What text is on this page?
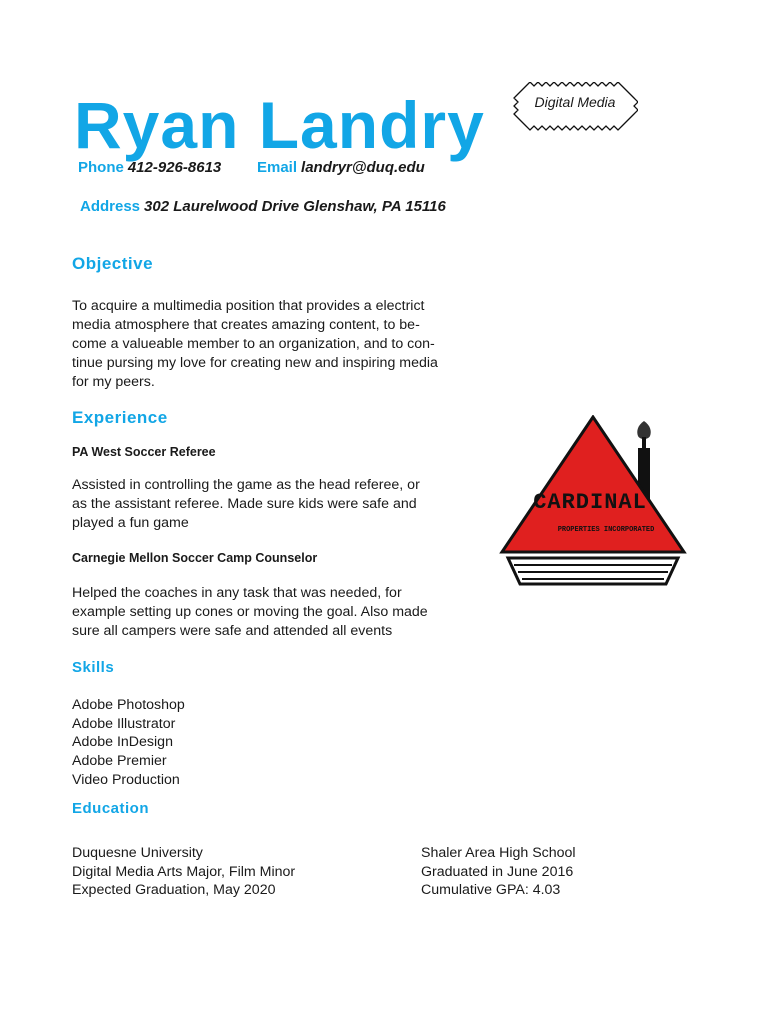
Ryan Landry
Phone 412-926-8613 Email landryr@duq.edu
Address 302 Laurelwood Drive Glenshaw, PA 15116
Digital Media
Objective
To acquire a multimedia position that provides a electrict
media atmosphere that creates amazing content, to be-
come a valueable member to an organization, and to con-
tinue pursing my love for creating new and inspiring media
for my peers.
Experience
PA West Soccer Referee
Assisted in controlling the game as the head referee, or
as the assistant referee. Made sure kids were safe and
played a fun game
Carnegie Mellon Soccer Camp Counselor
Helped the coaches in any task that was needed, for
example setting up cones or moving the goal. Also made
sure all campers were safe and attended all events
CARDINAL
PROPERTIES INCORPORATED
Skills
Adobe Photoshop
Adobe Illustrator
Adobe InDesign
Adobe Premier
Video Production
Education
Duquesne University
Digital Media Arts Major, Film Minor
Expected Graduation, May 2020
Shaler Area High School
Graduated in June 2016
Cumulative GPA: 4.03
